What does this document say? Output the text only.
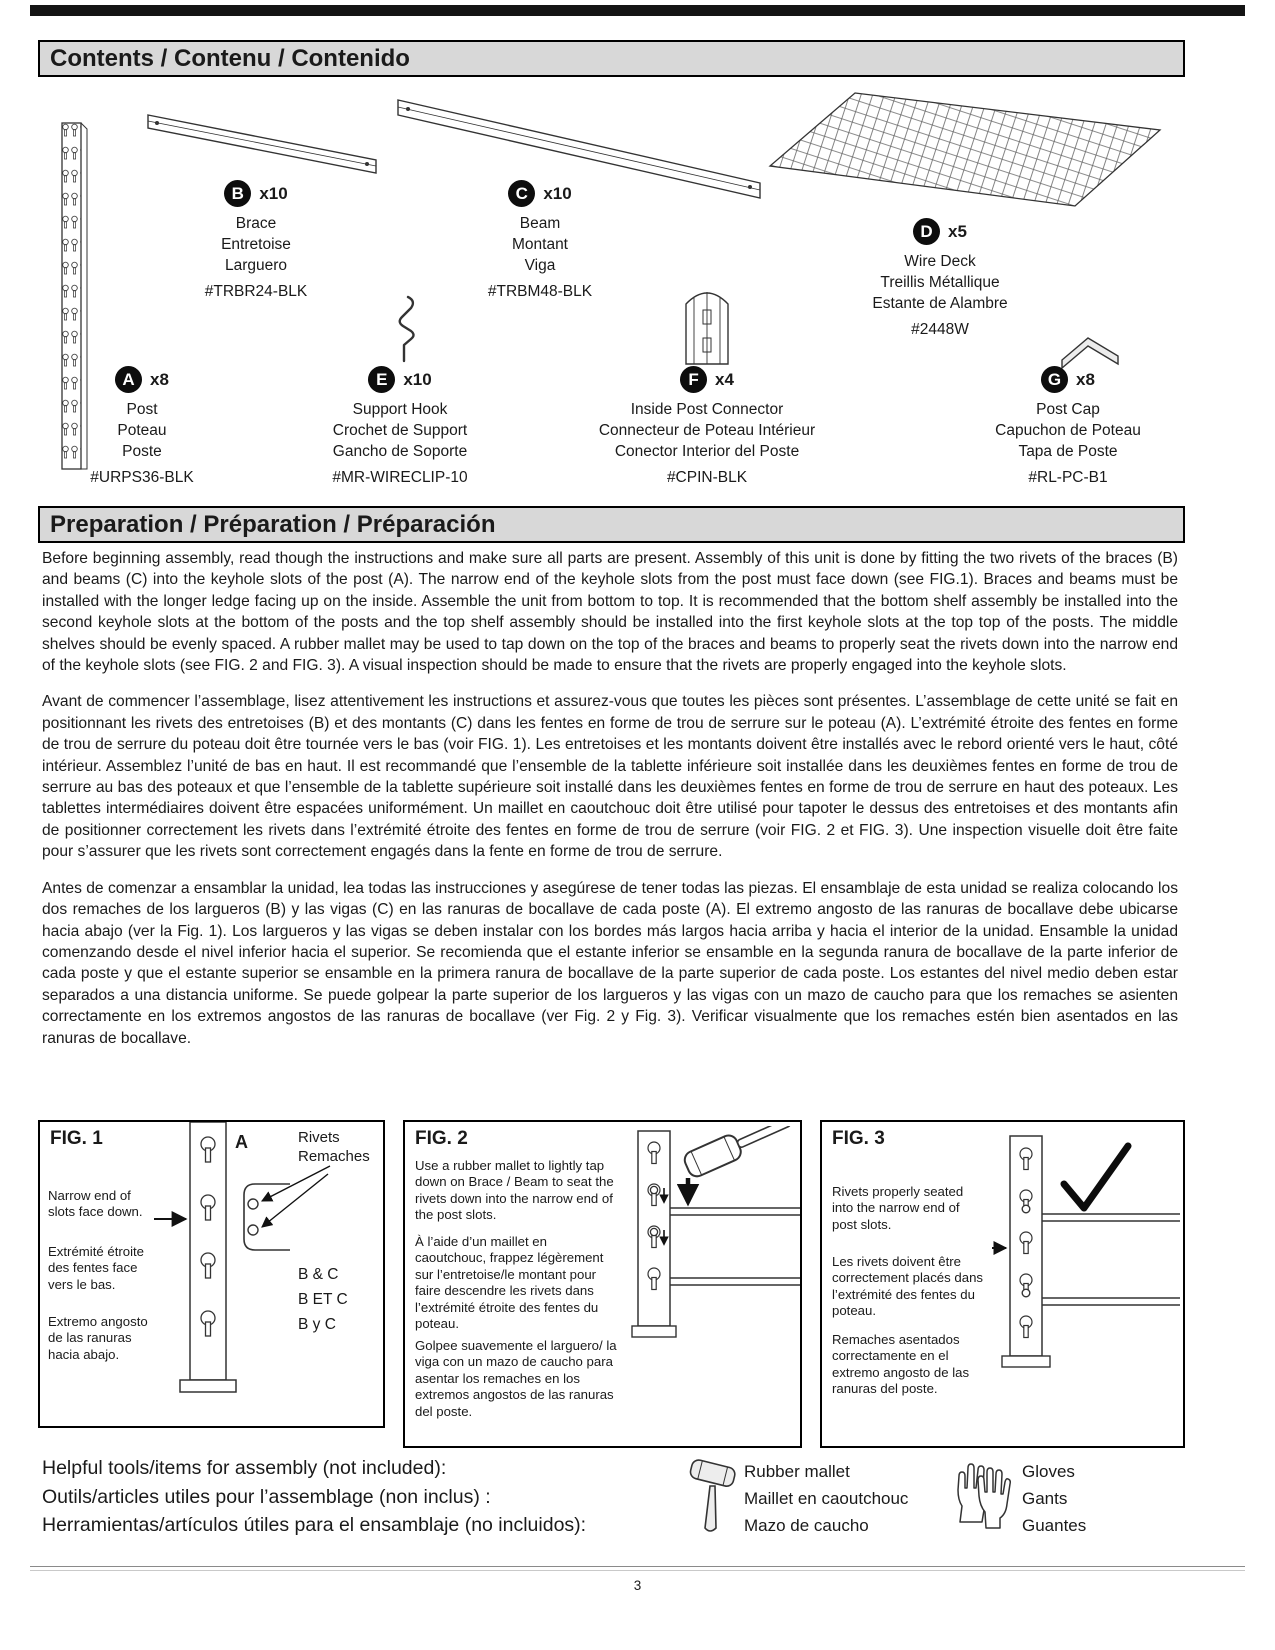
Contents / Contenu / Contenido
A x8
Post
Poteau
Poste
#URPS36-BLK
B x10
Brace
Entretoise
Larguero
#TRBR24-BLK
C x10
Beam
Montant
Viga
#TRBM48-BLK
D x5
Wire Deck
Treillis Métallique
Estante de Alambre
#2448W
E x10
Support Hook
Crochet de Support
Gancho de Soporte
#MR-WIRECLIP-10
F x4
Inside Post Connector
Connecteur de Poteau Intérieur
Conector Interior del Poste
#CPIN-BLK
G x8
Post Cap
Capuchon de Poteau
Tapa de Poste
#RL-PC-B1
Preparation / Préparation / Préparación

Before beginning assembly, read though the instructions and make sure all parts are present. Assembly of this unit is done by fitting the two rivets of the braces (B) and beams (C) into the keyhole slots of the post (A). The narrow end of the keyhole slots from the post must face down (see FIG.1). Braces and beams must be installed with the longer ledge facing up on the inside. Assemble the unit from bottom to top. It is recommended that the bottom shelf assembly be installed into the second keyhole slots at the bottom of the posts and the top shelf assembly should be installed into the first keyhole slots at the top top of the posts. The middle shelves should be evenly spaced. A rubber mallet may be used to tap down on the top of the braces and beams to properly seat the rivets down into the narrow end of the keyhole slots (see FIG. 2 and FIG. 3). A visual inspection should be made to ensure that the rivets are properly engaged into the keyhole slots.

Avant de commencer l’assemblage, lisez attentivement les instructions et assurez-vous que toutes les pièces sont présentes. L’assemblage de cette unité se fait en positionnant les rivets des entretoises (B) et des montants (C) dans les fentes en forme de trou de serrure sur le poteau (A). L’extrémité étroite des fentes en forme de trou de serrure du poteau doit être tournée vers le bas (voir FIG. 1). Les entretoises et les montants doivent être installés avec le rebord orienté vers le haut, côté intérieur. Assemblez l’unité de bas en haut. Il est recommandé que l’ensemble de la tablette inférieure soit installée dans les deuxièmes fentes en forme de trou de serrure au bas des poteaux et que l’ensemble de la tablette supérieure soit installé dans les deuxièmes fentes en forme de trou de serrure en haut des poteaux. Les tablettes intermédiaires doivent être espacées uniformément. Un maillet en caoutchouc doit être utilisé pour tapoter le dessus des entretoises et des montants afin de positionner correctement les rivets dans l’extrémité étroite des fentes en forme de trou de serrure (voir FIG. 2 et FIG. 3). Une inspection visuelle doit être faite pour s’assurer que les rivets sont correctement engagés dans la fente en forme de trou de serrure.

Antes de comenzar a ensamblar la unidad, lea todas las instrucciones y asegúrese de tener todas las piezas. El ensamblaje de esta unidad se realiza colocando los dos remaches de los largueros (B) y las vigas (C) en las ranuras de bocallave de cada poste (A). El extremo angosto de las ranuras de bocallave debe ubicarse hacia abajo (ver la Fig. 1). Los largueros y las vigas se deben instalar con los bordes más largos hacia arriba y hacia el interior de la unidad. Ensamble la unidad comenzando desde el nivel inferior hacia el superior. Se recomienda que el estante inferior se ensamble en la segunda ranura de bocallave de la parte inferior de cada poste y que el estante superior se ensamble en la primera ranura de bocallave de la parte superior de cada poste. Los estantes del nivel medio deben estar separados a una distancia uniforme. Se puede golpear la parte superior de los largueros y las vigas con un mazo de caucho para que los remaches se asienten correctamente en los extremos angostos de las ranuras de bocallave (ver Fig. 2 y Fig. 3). Verificar visualmente que los remaches estén bien asentados en las ranuras de bocallave.

FIG. 1	A	Rivets
Remaches
Narrow end of slots face down.
Extrémité étroite des fentes face vers le bas.
Extremo angosto de las ranuras hacia abajo.
B & C
B ET C
B y C
FIG. 2
Use a rubber mallet to lightly tap down on Brace / Beam to seat the rivets down into the narrow end of the post slots.
À l’aide d’un maillet en caoutchouc, frappez légèrement sur l’entretoise/le montant pour faire descendre les rivets dans l’extrémité étroite des fentes du poteau.
Golpee suavemente el larguero/ la viga con un mazo de caucho para asentar los remaches en los extremos angostos de las ranuras del poste.
FIG. 3
Rivets properly seated into the narrow end of post slots.
Les rivets doivent être correctement placés dans l’extrémité des fentes du poteau.
Remaches asentados correctamente en el extremo angosto de las ranuras del poste.
Helpful tools/items for assembly (not included):
Outils/articles utiles pour l’assemblage (non inclus) :
Herramientas/artículos útiles para el ensamblaje (no incluidos):
Rubber mallet
Maillet en caoutchouc
Mazo de caucho
Gloves
Gants
Guantes
3
